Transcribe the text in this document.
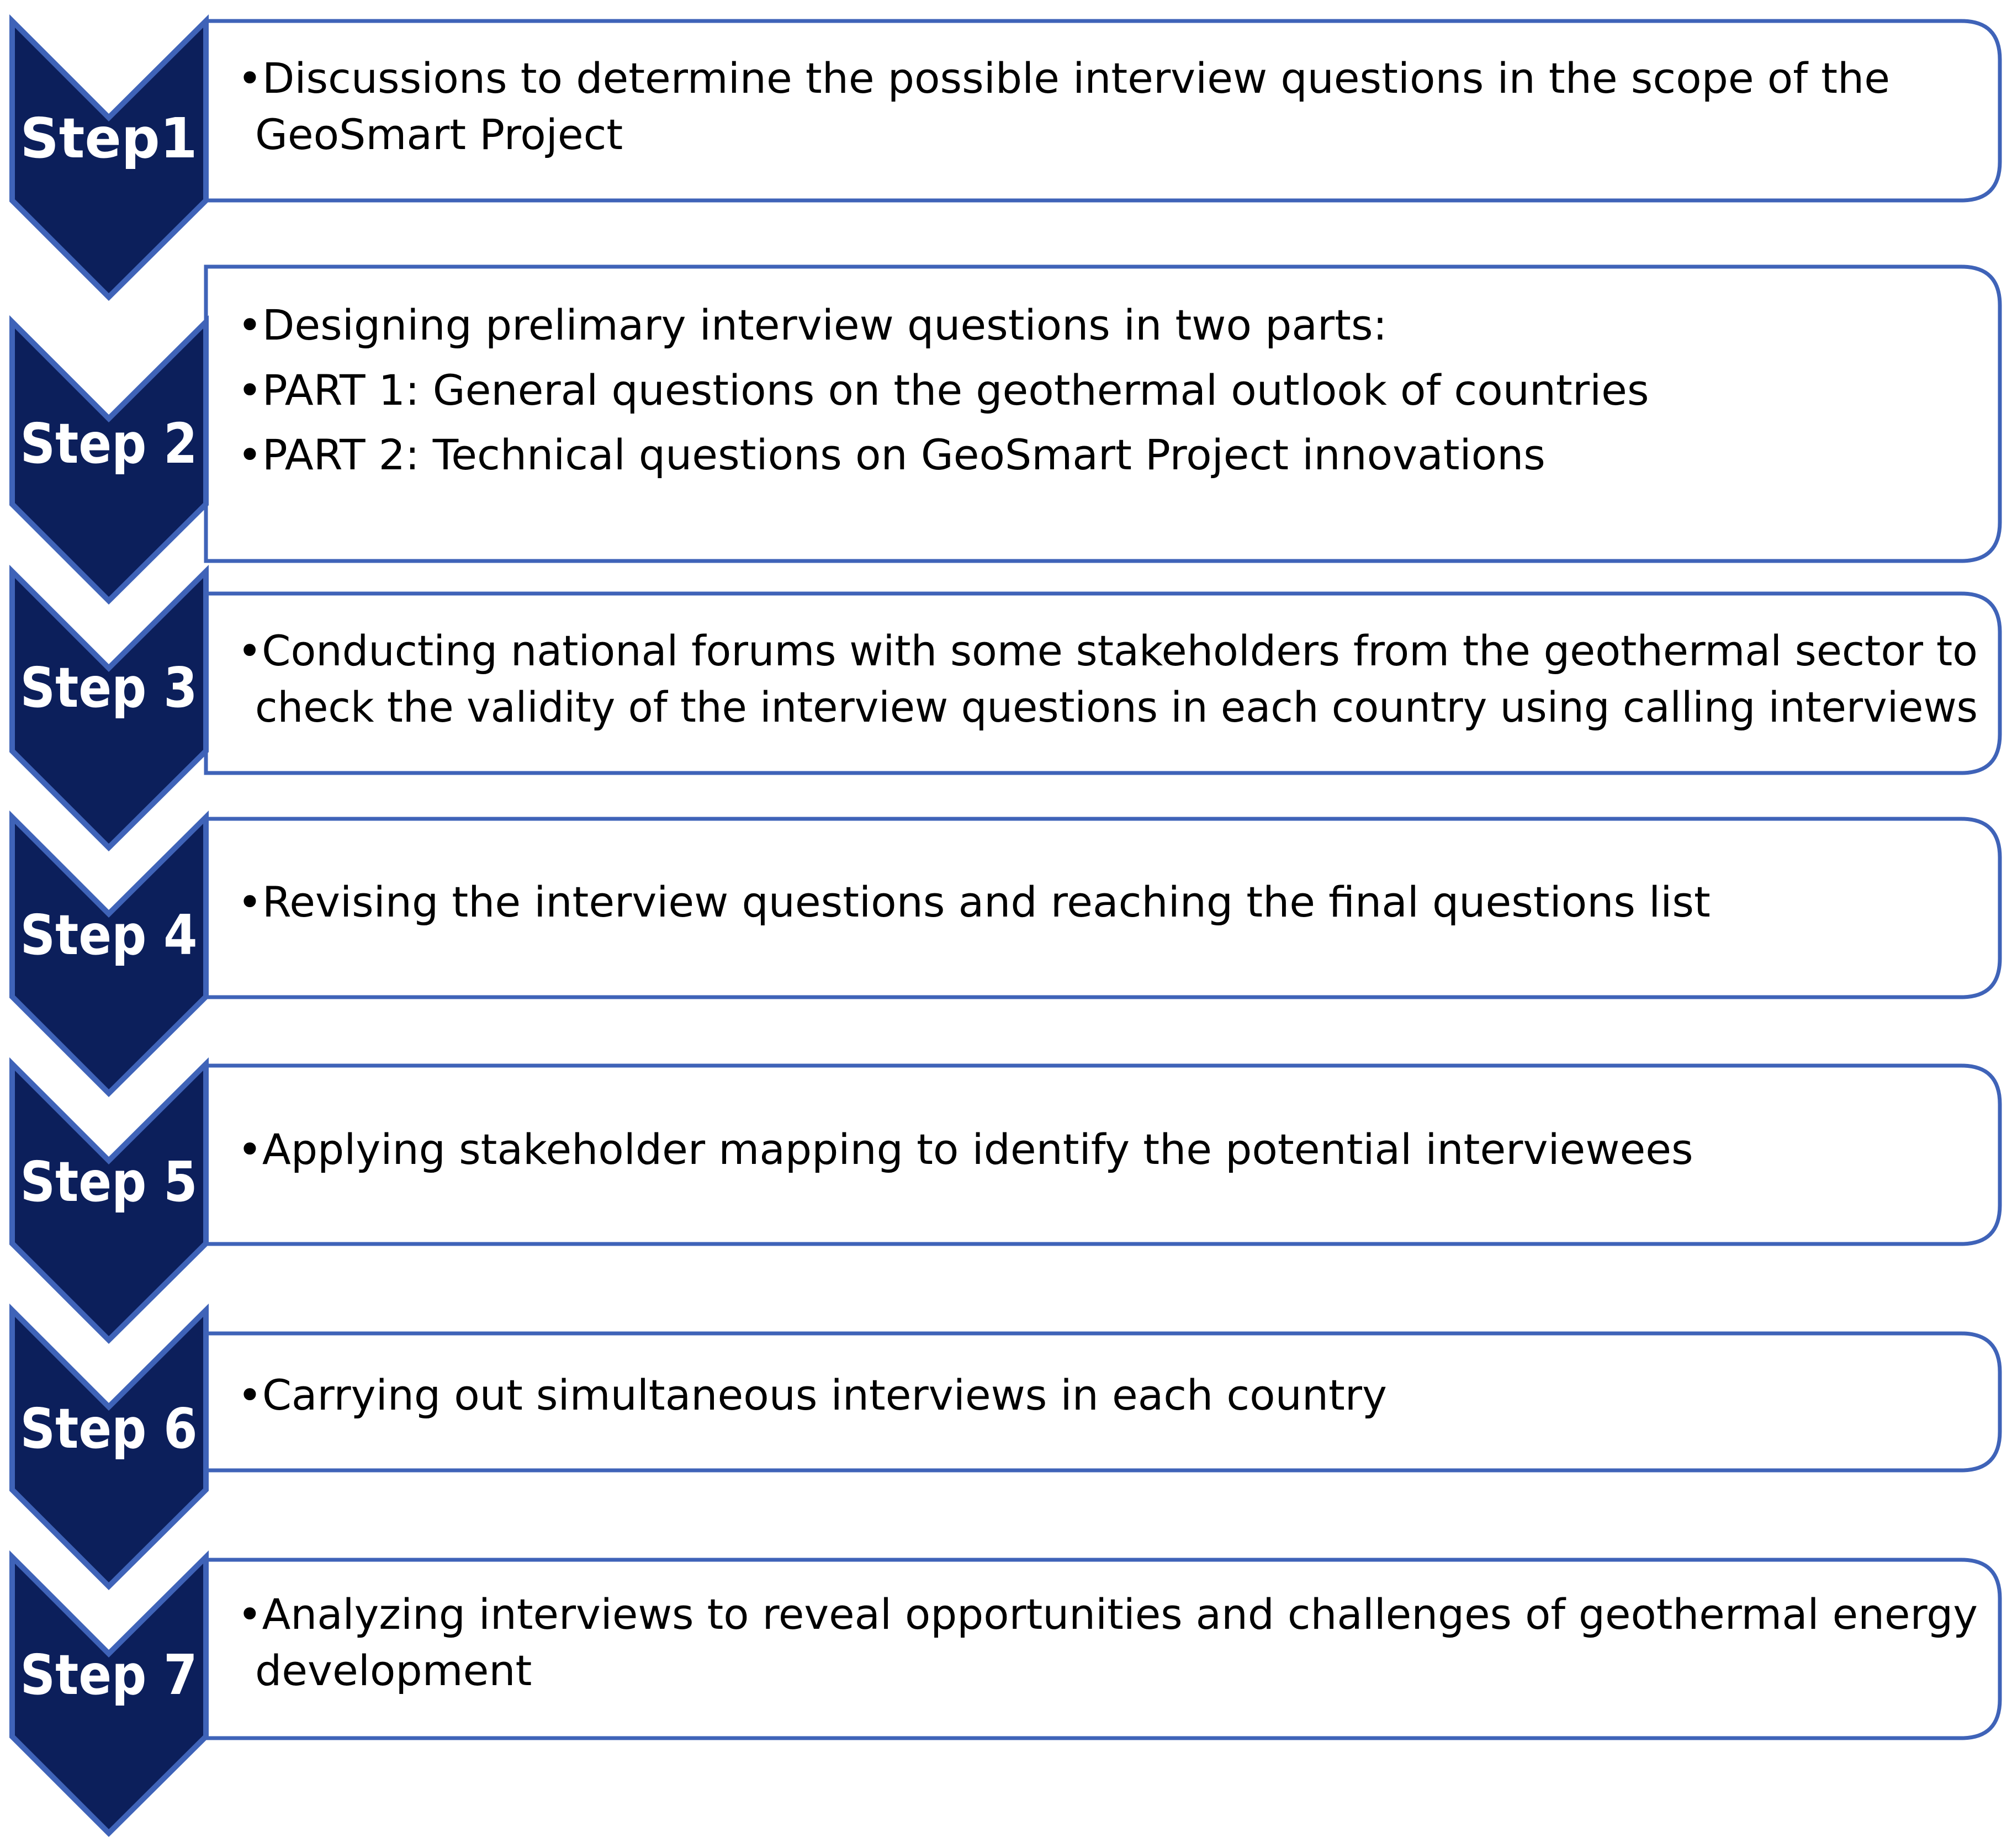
Step1
•Discussions to determine the possible interview questions in the scope of the
GeoSmart Project
Step 2
•Designing prelimary interview questions in two parts:
•PART 1: General questions on the geothermal outlook of countries
•PART 2: Technical questions on GeoSmart Project innovations
Step 3
•Conducting national forums with some stakeholders from the geothermal sector to
check the validity of the interview questions in each country using calling interviews
Step 4
•Revising the interview questions and reaching the final questions list
Step 5
•Applying stakeholder mapping to identify the potential interviewees
Step 6
•Carrying out simultaneous interviews in each country
Step 7
•Analyzing interviews to reveal opportunities and challenges of geothermal energy
development
